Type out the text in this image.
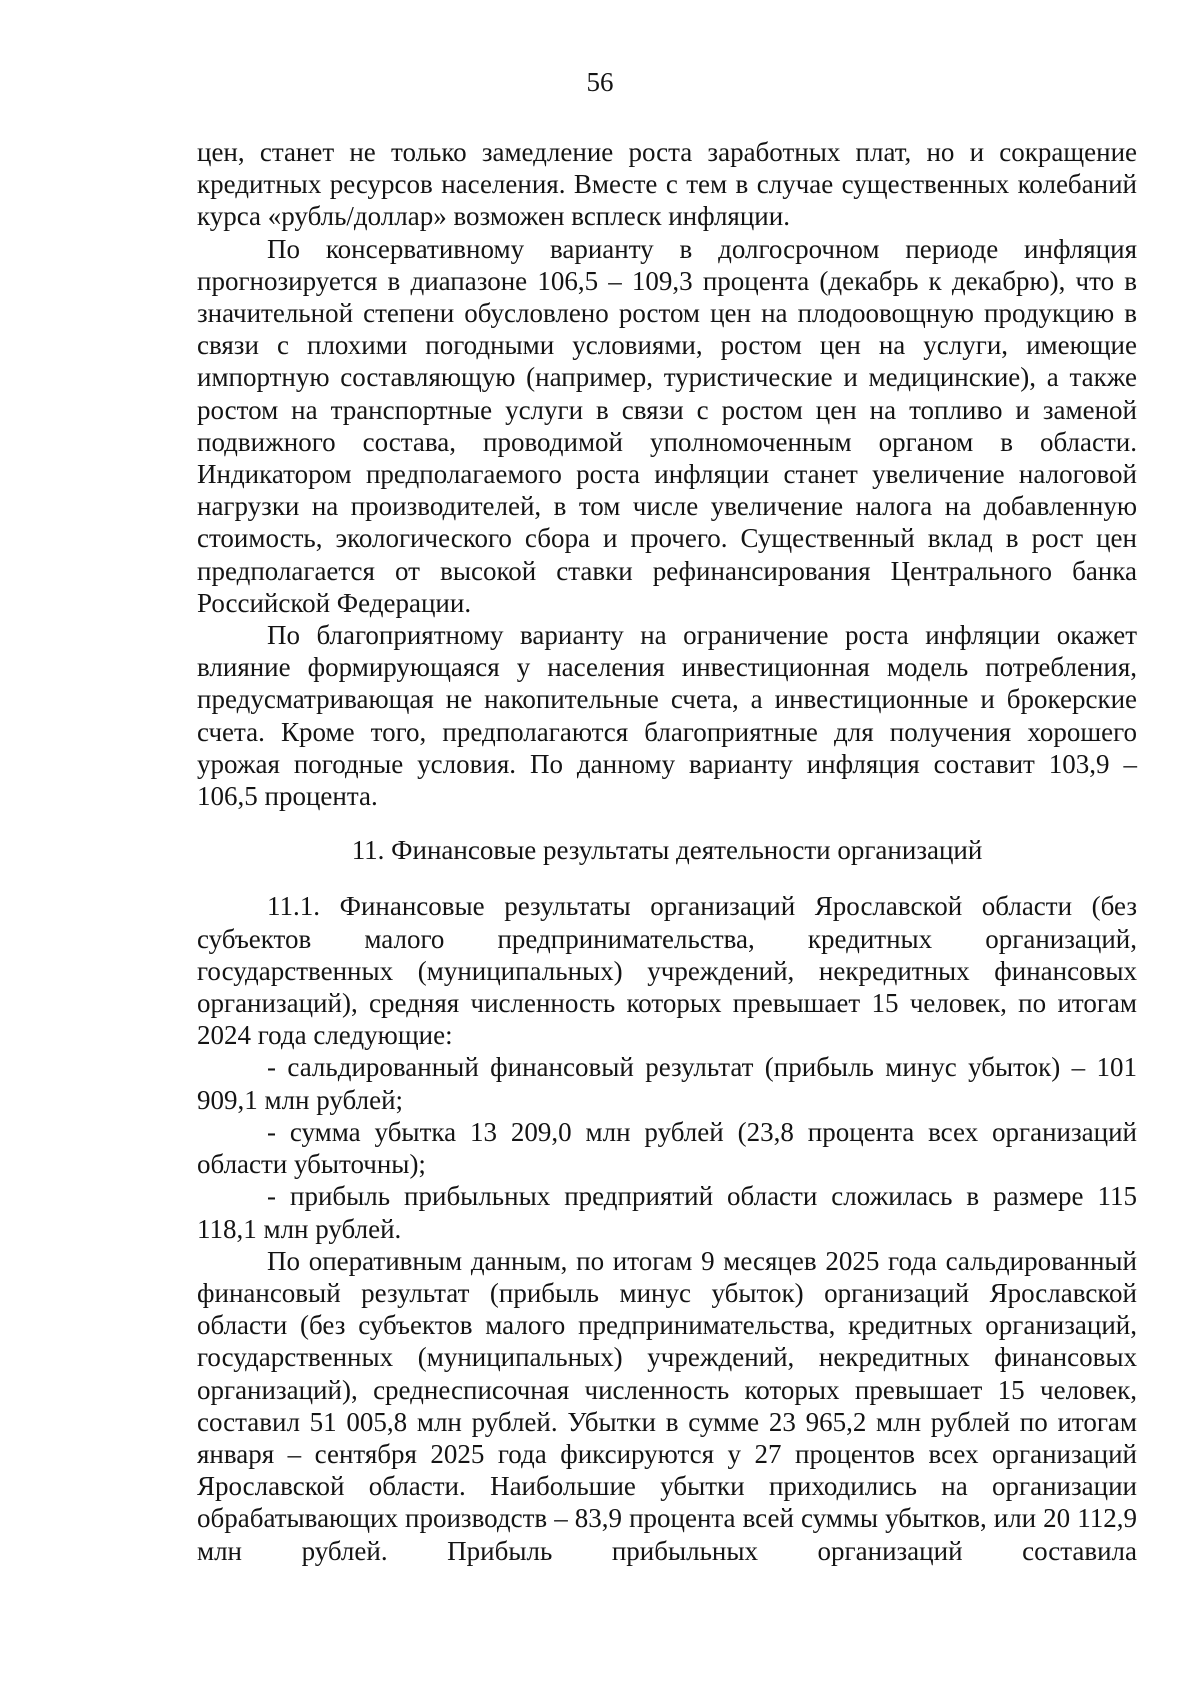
56

цен, станет не только замедление роста заработных плат, но и сокращение кредитных ресурсов населения. Вместе с тем в случае существенных колебаний курса «рубль/доллар» возможен всплеск инфляции.

По консервативному варианту в долгосрочном периоде инфляция прогнозируется в диапазоне 106,5 – 109,3 процента (декабрь к декабрю), что в значительной степени обусловлено ростом цен на плодоовощную продукцию в связи с плохими погодными условиями, ростом цен на услуги, имеющие импортную составляющую (например, туристические и медицинские), а также ростом на транспортные услуги в связи с ростом цен на топливо и заменой подвижного состава, проводимой уполномоченным органом в области. Индикатором предполагаемого роста инфляции станет увеличение налоговой нагрузки на производителей, в том числе увеличение налога на добавленную стоимость, экологического сбора и прочего. Существенный вклад в рост цен предполагается от высокой ставки рефинансирования Центрального банка Российской Федерации.

По благоприятному варианту на ограничение роста инфляции окажет влияние формирующаяся у населения инвестиционная модель потребления, предусматривающая не накопительные счета, а инвестиционные и брокерские счета. Кроме того, предполагаются благоприятные для получения хорошего урожая погодные условия. По данному варианту инфляция составит 103,9 – 106,5 процента.

11. Финансовые результаты деятельности организаций

11.1. Финансовые результаты организаций Ярославской области (без субъектов малого предпринимательства, кредитных организаций, государственных (муниципальных) учреждений, некредитных финансовых организаций), средняя численность которых превышает 15 человек, по итогам 2024 года следующие:

- сальдированный финансовый результат (прибыль минус убыток) – 101 909,1 млн рублей;

- сумма убытка 13 209,0 млн рублей (23,8 процента всех организаций области убыточны);

- прибыль прибыльных предприятий области сложилась в размере 115 118,1 млн рублей.

По оперативным данным, по итогам 9 месяцев 2025 года сальдированный финансовый результат (прибыль минус убыток) организаций Ярославской области (без субъектов малого предпринимательства, кредитных организаций, государственных (муниципальных) учреждений, некредитных финансовых организаций), среднесписочная численность которых превышает 15 человек, составил 51 005,8 млн рублей. Убытки в сумме 23 965,2 млн рублей по итогам января – сентября 2025 года фиксируются у 27 процентов всех организаций Ярославской области. Наибольшие убытки приходились на организации обрабатывающих производств – 83,9 процента всей суммы убытков, или 20 112,9 млн рублей. Прибыль прибыльных организаций составила
